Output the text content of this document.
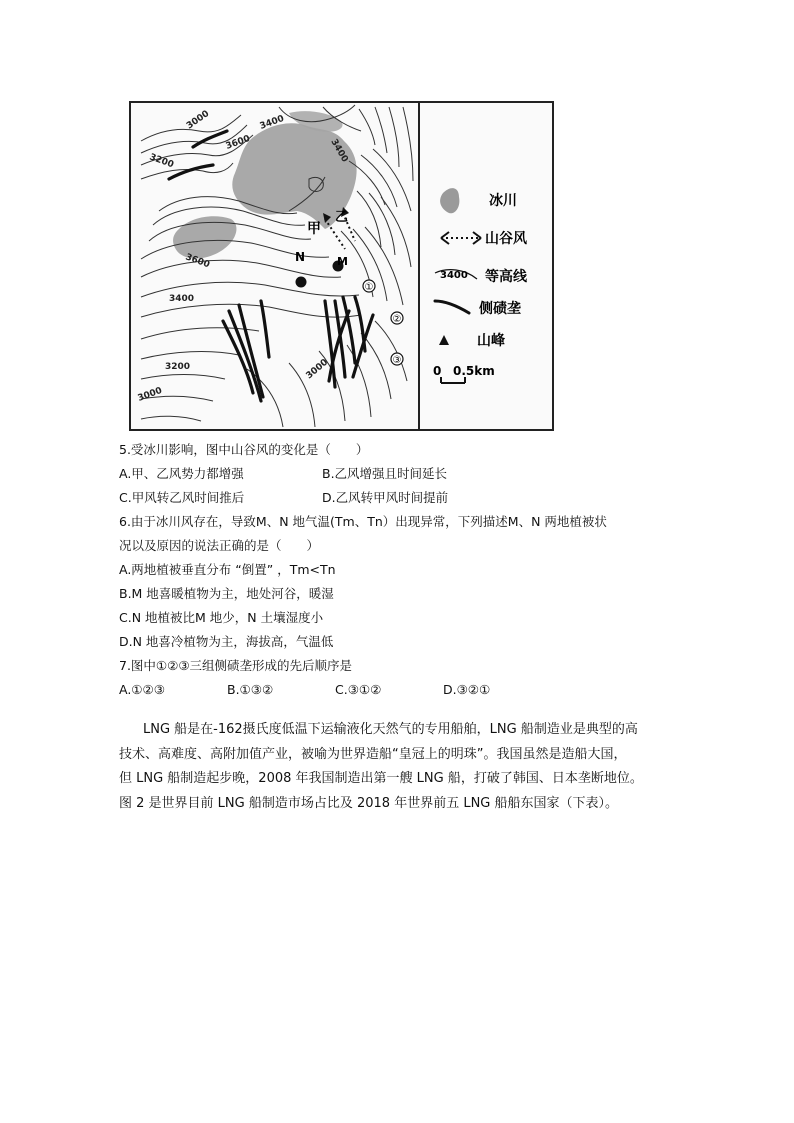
甲
乙
M
N
3000	3400
3600	3400
3200
3600
3400
3200	3000
3000
①
②
③
冰川
山谷风
3400 等高线
侧碛垄
山峰
0 0.5km
5.受冰川影响，图中山谷风的变化是（　　）
A.甲、乙风势力都增强	B.乙风增强且时间延长
C.甲风转乙风时间推后	D.乙风转甲风时间提前
6.由于冰川风存在，导致M、N 地气温(Tm、Tn）出现异常，下列描述M、N 两地植被状
况以及原因的说法正确的是（　　）
A.两地植被垂直分布 “倒置” ，Tm<Tn
B.M 地喜暖植物为主，地处河谷，暖湿
C.N 地植被比M 地少，N 土壤湿度小
D.N 地喜冷植物为主，海拔高，气温低
7.图中①②③三组侧碛垄形成的先后顺序是
A.①②③	B.①③②	C.③①②	D.③②①

LNG 船是在-162摄氏度低温下运输液化天然气的专用船舶，LNG 船制造业是典型的高

技术、高难度、高附加值产业，被喻为世界造船“皇冠上的明珠”。我国虽然是造船大国，

但 LNG 船制造起步晚，2008 年我国制造出第一艘 LNG 船，打破了韩国、日本垄断地位。

图 2 是世界目前 LNG 船制造市场占比及 2018 年世界前五 LNG 船船东国家（下表）。
